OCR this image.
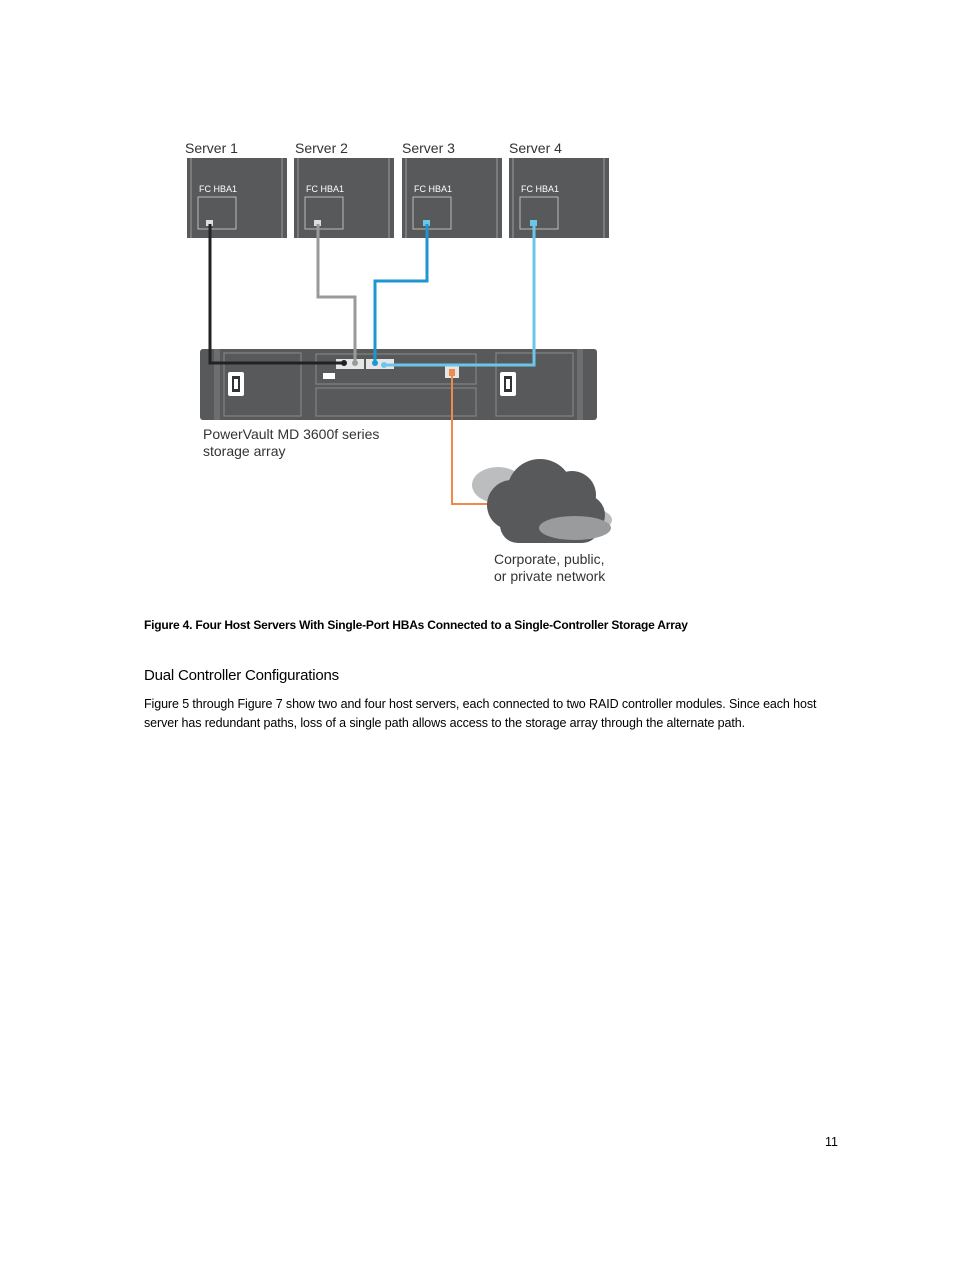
Server 1	Server 2	Server 3	Server 4
FC HBA1	FC HBA1	FC HBA1	FC HBA1
PowerVault MD 3600f series
storage array
Corporate, public,
or private network
Figure 4. Four Host Servers With Single-Port HBAs Connected to a Single-Controller Storage Array
Dual Controller Configurations
Figure 5 through Figure 7 show two and four host servers, each connected to two RAID controller modules. Since each host server has redundant paths, loss of a single path allows access to the storage array through the alternate path.
11
